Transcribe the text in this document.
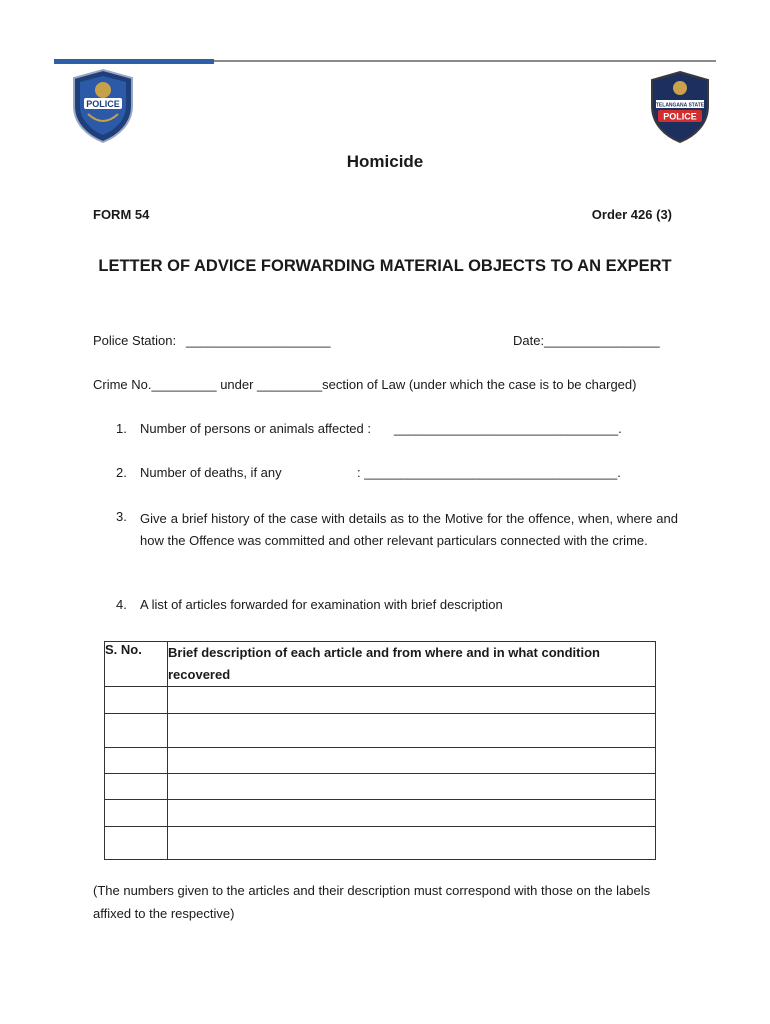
POLICE	TELANGANA STATE
POLICE
Homicide
FORM 54	Order 426 (3)
LETTER OF ADVICE FORWARDING MATERIAL OBJECTS TO AN EXPERT
Police Station: ____________________	Date:________________
Crime No._________ under _________section of Law (under which the case is to be charged)
1. Number of persons or animals affected : _______________________________.
2. Number of deaths, if any	: ___________________________________.
3. Give a brief history of the case with details as to the Motive for the offence, when, where and how the Offence was committed and other relevant particulars connected with the crime.
4. A list of articles forwarded for examination with brief description
S. No.	Brief description of each article and from where and in what condition recovered

(The numbers given to the articles and their description must correspond with those on the labels affixed to the respective)
